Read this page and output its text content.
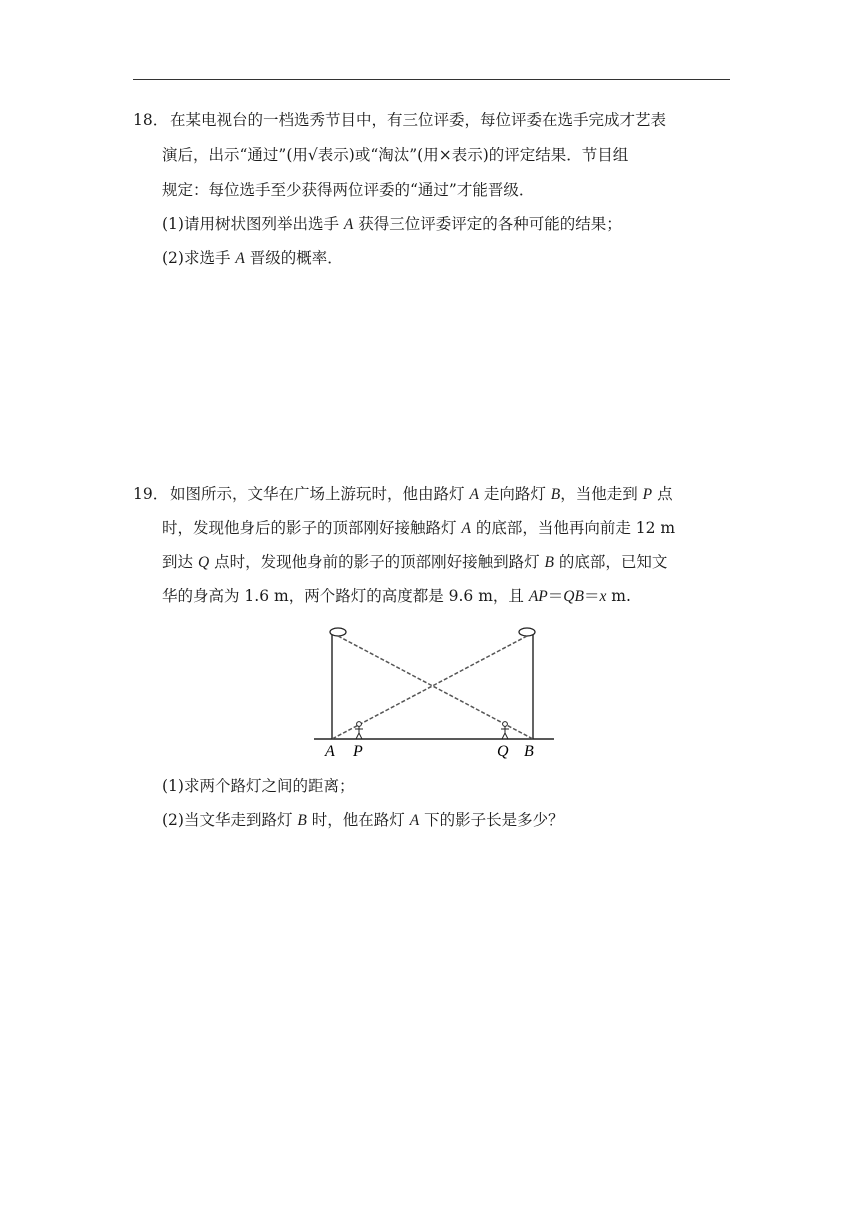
18． 在某电视台的一档选秀节目中，有三位评委，每位评委在选手完成才艺表
演后，出示“通过”(用√表示)或“淘汰”(用×表示)的评定结果．节目组
规定：每位选手至少获得两位评委的“通过”才能晋级．
(1)请用树状图列举出选手 A 获得三位评委评定的各种可能的结果；
(2)求选手 A 晋级的概率．
19． 如图所示，文华在广场上游玩时，他由路灯 A 走向路灯 B，当他走到 P 点
时，发现他身后的影子的顶部刚好接触路灯 A 的底部，当他再向前走 12 m
到达 Q 点时，发现他身前的影子的顶部刚好接触到路灯 B 的底部，已知文
华的身高为 1.6 m，两个路灯的高度都是 9.6 m，且 AP＝QB＝x m.
A P	Q B
(1)求两个路灯之间的距离；
(2)当文华走到路灯 B 时，他在路灯 A 下的影子长是多少？
